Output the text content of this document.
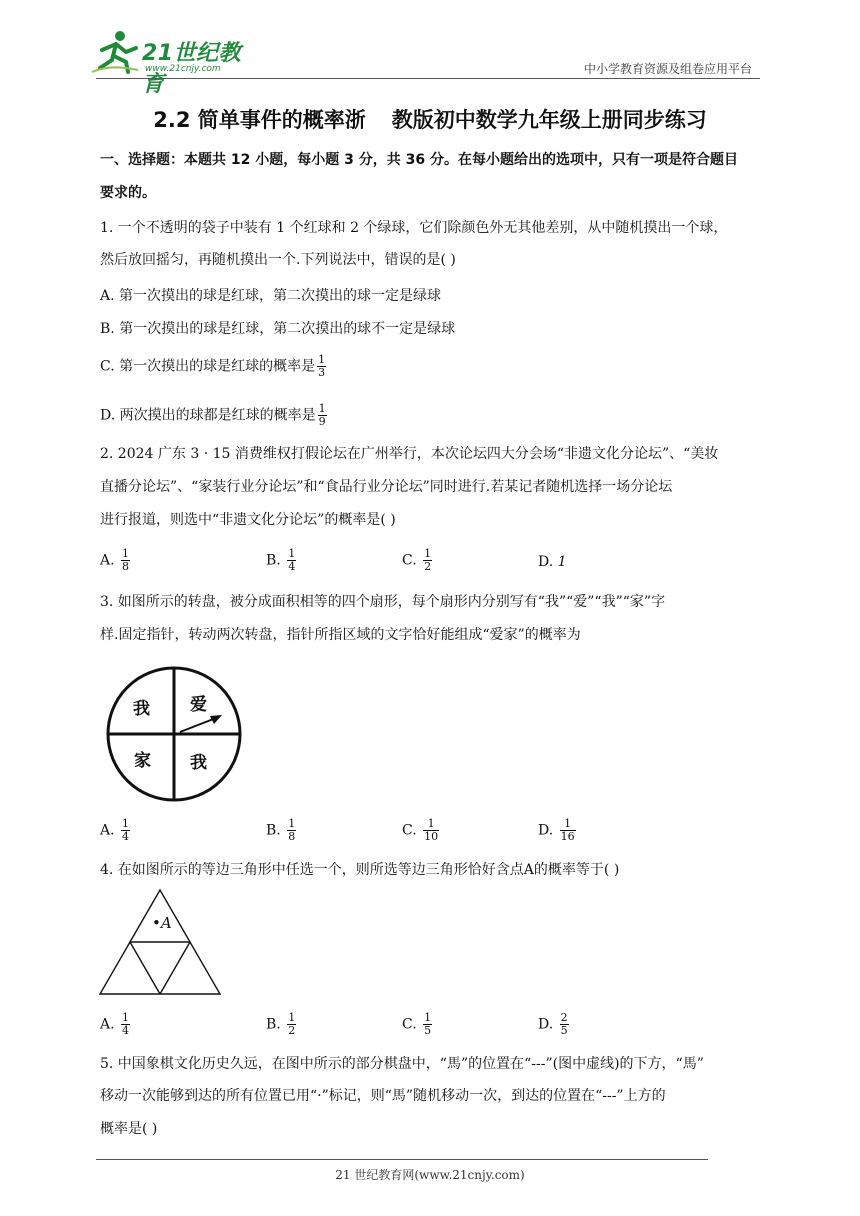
21世纪教育
www.21cnjy.com	中小学教育资源及组卷应用平台
2.2 简单事件的概率浙 教版初中数学九年级上册同步练习
一、选择题：本题共 12 小题，每小题 3 分，共 36 分。在每小题给出的选项中，只有一项是符合题目
要求的。
1. 一个不透明的袋子中装有 1 个红球和 2 个绿球，它们除颜色外无其他差别，从中随机摸出一个球，
然后放回摇匀，再随机摸出一个.下列说法中，错误的是( )
A. 第一次摸出的球是红球，第二次摸出的球一定是绿球
B. 第一次摸出的球是红球，第二次摸出的球不一定是绿球
C. 第一次摸出的球是红球的概率是 $\frac{1}{3}$
D. 两次摸出的球都是红球的概率是 $\frac{1}{9}$
2. 2024 广东 3 · 15 消费维权打假论坛在广州举行，本次论坛四大分会场“非遗文化分论坛”、“美妆
直播分论坛”、“家装行业分论坛”和“食品行业分论坛”同时进行.若某记者随机选择一场分论坛
进行报道，则选中“非遗文化分论坛”的概率是( )
A. $\frac{1}{8}$	B. $\frac{1}{4}$	C. $\frac{1}{2}$	D. 1
3. 如图所示的转盘，被分成面积相等的四个扇形，每个扇形内分别写有“我”“爱”“我”“家”字
样.固定指针，转动两次转盘，指针所指区域的文字恰好能组成“爱家”的概率为
我 爱
家 我
A. $\frac{1}{4}$	B. $\frac{1}{8}$	C. $\frac{1}{10}$	D. $\frac{1}{16}$
4. 在如图所示的等边三角形中任选一个，则所选等边三角形恰好含点A的概率等于( )
•A
A. $\frac{1}{4}$	B. $\frac{1}{2}$	C. $\frac{1}{5}$	D. $\frac{2}{5}$
5. 中国象棋文化历史久远，在图中所示的部分棋盘中，“馬”的位置在“---”(图中虚线)的下方，“馬”
移动一次能够到达的所有位置已用“·”标记，则“馬”随机移动一次，到达的位置在“---”上方的
概率是( )
21 世纪教育网(www.21cnjy.com)
